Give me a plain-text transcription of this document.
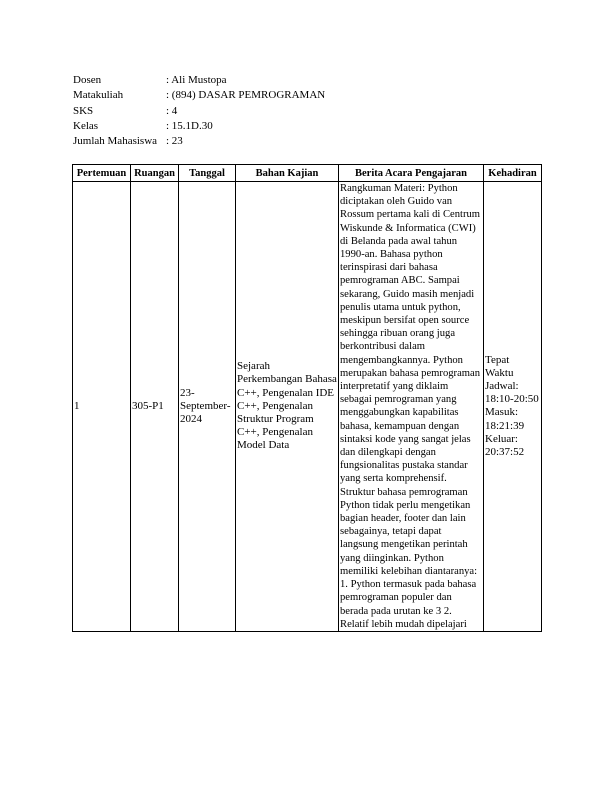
Dosen	: Ali Mustopa
Matakuliah	: (894) DASAR PEMROGRAMAN
SKS	: 4
Kelas	: 15.1D.30
Jumlah Mahasiswa : 23
Pertemuan	Ruangan	Tanggal	Bahan Kajian	Berita Acara Pengajaran	Kehadiran
1	305-P1	23-September-2024	Sejarah Perkembangan Bahasa C++, Pengenalan IDE C++, Pengenalan Struktur Program C++, Pengenalan Model Data	Rangkuman Materi: Python diciptakan oleh Guido van Rossum pertama kali di Centrum Wiskunde & Informatica (CWI) di Belanda pada awal tahun 1990-an. Bahasa python terinspirasi dari bahasa pemrograman ABC. Sampai sekarang, Guido masih menjadi penulis utama untuk python, meskipun bersifat open source sehingga ribuan orang juga berkontribusi dalam mengembangkannya. Python merupakan bahasa pemrograman interpretatif yang diklaim sebagai pemrograman yang menggabungkan kapabilitas bahasa, kemampuan dengan sintaksi kode yang sangat jelas dan dilengkapi dengan fungsionalitas pustaka standar yang serta komprehensif. Struktur bahasa pemrograman Python tidak perlu mengetikan bagian header, footer dan lain sebagainya, tetapi dapat langsung mengetikan perintah yang diinginkan. Python memiliki kelebihan diantaranya: 1. Python termasuk pada bahasa pemrograman populer dan berada pada urutan ke 3 2. Relatif lebih mudah dipelajari	Tepat Waktu Jadwal: 18:10-20:50 Masuk: 18:21:39 Keluar: 20:37:52
